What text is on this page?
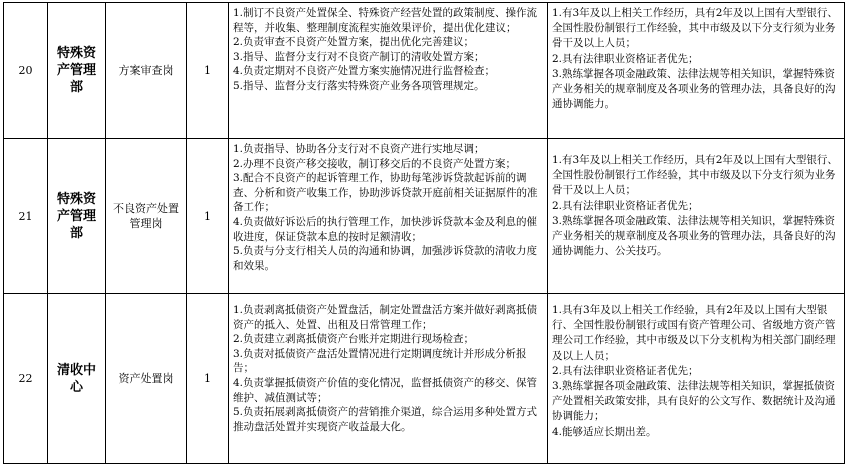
20
特殊资产管理部
方案审查岗	1
1.制订不良资产处置保全、特殊资产经营处置的政策制度、操作流程等，并收集、整理制度流程实施效果评价，提出优化建议；
2.负责审查不良资产处置方案，提出优化完善建议；
3.指导、监督分支行对不良资产制订的清收处置方案；
4.负责定期对不良资产处置方案实施情况进行监督检查；
5.指导、监督分支行落实特殊资产业务各项管理规定。
1.有3年及以上相关工作经历，具有2年及以上国有大型银行、全国性股份制银行工作经验，其中市级及以下分支行须为业务骨干及以上人员；
2.具有法律职业资格证者优先；
3.熟练掌握各项金融政策、法律法规等相关知识，掌握特殊资产业务相关的规章制度及各项业务的管理办法，具备良好的沟通协调能力。
21
特殊资产管理部
不良资产处置管理岗
1
1.负责指导、协助各分支行对不良资产进行实地尽调；
2.办理不良资产移交接收，制订移交后的不良资产处置方案；
3.配合不良资产的起诉管理工作，协助每笔涉诉贷款起诉前的调查、分析和资产收集工作，协助涉诉贷款开庭前相关证据原件的准备工作；
4.负责做好诉讼后的执行管理工作，加快涉诉贷款本金及利息的催收进度，保证贷款本息的按时足额清收；
5.负责与分支行相关人员的沟通和协调，加强涉诉贷款的清收力度和效果。
1.有3年及以上相关工作经历，具有2年及以上国有大型银行、全国性股份制银行工作经验，其中市级及以下分支行须为业务骨干及以上人员；
2.具有法律职业资格证者优先；
3.熟练掌握各项金融政策、法律法规等相关知识，掌握特殊资产业务相关的规章制度及各项业务的管理办法，具备良好的沟通协调能力、公关技巧。
22
清收中心
资产处置岗	1
1.负责剥离抵债资产处置盘活，制定处置盘活方案并做好剥离抵债资产的抵入、处置、出租及日常管理工作；
2.负责建立剥离抵债资产台账并定期进行现场检查；
3.负责对抵债资产盘活处置情况进行定期调度统计并形成分析报告；
4.负责掌握抵债资产价值的变化情况，监督抵债资产的移交、保管维护、减值测试等；
5.负责拓展剥离抵债资产的营销推介渠道，综合运用多种处置方式推动盘活处置并实现资产收益最大化。
1.具有3年及以上相关工作经验，具有2年及以上国有大型银行、全国性股份制银行或国有资产管理公司、省级地方资产管理公司工作经验，其中市级及以下分支机构为相关部门副经理及以上人员；
2.具有法律职业资格证者优先；
3.熟练掌握各项金融政策、法律法规等相关知识，掌握抵债资产处置相关政策安排，具有良好的公文写作、数据统计及沟通协调能力；
4.能够适应长期出差。
